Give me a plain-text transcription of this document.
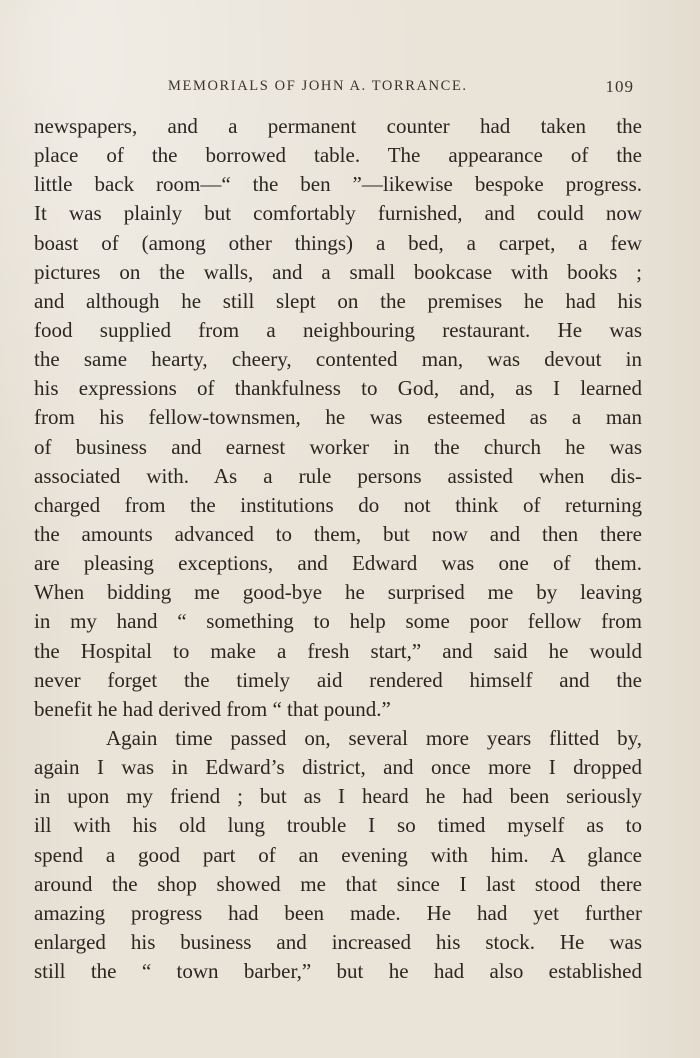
MEMORIALS OF JOHN A. TORRANCE.	109
newspapers, and a permanent counter had taken the
place of the borrowed table. The appearance of the
little back room—“ the ben ”—likewise bespoke progress.
It was plainly but comfortably furnished, and could now
boast of (among other things) a bed, a carpet, a few
pictures on the walls, and a small bookcase with books ;
and although he still slept on the premises he had his
food supplied from a neighbouring restaurant. He was
the same hearty, cheery, contented man, was devout in
his expressions of thankfulness to God, and, as I learned
from his fellow-townsmen, he was esteemed as a man
of business and earnest worker in the church he was
associated with. As a rule persons assisted when dis-
charged from the institutions do not think of returning
the amounts advanced to them, but now and then there
are pleasing exceptions, and Edward was one of them.
When bidding me good-bye he surprised me by leaving
in my hand “ something to help some poor fellow from
the Hospital to make a fresh start,” and said he would
never forget the timely aid rendered himself and the
benefit he had derived from “ that pound.”
Again time passed on, several more years flitted by,
again I was in Edward’s district, and once more I dropped
in upon my friend ; but as I heard he had been seriously
ill with his old lung trouble I so timed myself as to
spend a good part of an evening with him. A glance
around the shop showed me that since I last stood there
amazing progress had been made. He had yet further
enlarged his business and increased his stock. He was
still the “ town barber,” but he had also established
